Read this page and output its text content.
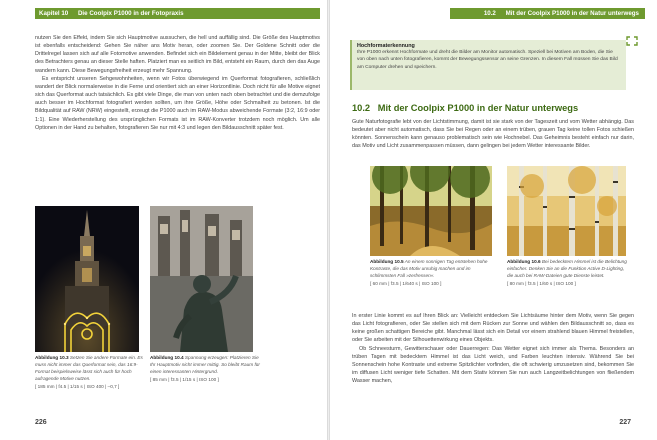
Kapitel 10 Die Coolpix P1000 in der Fotopraxis

nutzen Sie den Effekt, indem Sie sich Hauptmotive aussuchen, die hell und auffällig sind. Die Größe des Hauptmotivs ist ebenfalls entscheidend: Gehen Sie näher ans Motiv heran, oder zoomen Sie. Der Goldene Schnitt oder die Drittelregel lassen sich auf alle Fotomotive anwenden. Befindet sich ein Bildelement genau in der Mitte, bleibt der Blick des Betrachters genau an dieser Stelle haften. Platziert man es seitlich im Bild, entsteht ein Raum, durch den das Auge wandern kann. Diese Bewegungsfreiheit erzeugt mehr Spannung.

Es entspricht unseren Sehgewohnheiten, wenn wir Fotos überwiegend im Querformat fotografieren, schließlich wandert der Blick normalerweise in die Ferne und orientiert sich an einer Horizontlinie. Doch nicht für alle Motive eignet sich das Querformat auch tatsächlich. Es gibt viele Dinge, die man von unten nach oben betrachtet und die demzufolge auch besser im Hochformat fotografiert werden sollten, um ihre Größe, Höhe oder Schmalheit zu betonen. Ist die Bildqualität auf RAW (NRW) eingestellt, erzeugt die P1000 auch im RAW-Modus abweichende Formate (3:2, 16:9 oder 1:1). Eine Wiederherstellung des ursprünglichen Formats ist im RAW-Konverter trotzdem noch möglich. Um alle Optionen in der Hand zu behalten, fotografieren Sie nur mit 4:3 und legen den Bildausschnitt später fest.

Abbildung 10.3 Setzen Sie andere Formate ein. Es muss nicht immer das Querformat sein, das 16:9-Format beispielsweise lässt sich auch für hoch aufragende Motive nutzen.
[ 185 mm | f4.5 | 1/15 s | ISO 400 | –0,7 ]
Abbildung 10.4 Spannung erzeugen: Platzieren Sie Ihr Hauptmotiv nicht immer mittig. So bleibt Raum für einen interessanten Hintergrund.
[ 85 mm | f3.5 | 1/15 s | ISO 100 ]
226
10.2 Mit der Coolpix P1000 in der Natur unterwegs
Hochformaterkennung
Ihre P1000 erkennt Hochformate und dreht die Bilder am Monitor automatisch. Speziell bei Motiven am Boden, die Sie von oben nach unten fotografieren, kommt der Bewegungssensor an seine Grenzen. In diesem Fall müssen Sie das Bild am Computer drehen und speichern.
10.2 Mit der Coolpix P1000 in der Natur unterwegs

Gute Naturfotografie lebt von der Lichtstimmung, damit ist sie stark von der Tageszeit und vom Wetter abhängig. Das bedeutet aber nicht automatisch, dass Sie bei Regen oder an einem trüben, grauen Tag keine tollen Fotos schießen könnten. Sonnenschein kann genauso problematisch sein wie Hochnebel. Das Geheimnis besteht einfach nur darin, das Motiv und Licht zusammenpassen müssen, dann gelingen bei jedem Wetter interessante Bilder.

Abbildung 10.5 An einem sonnigen Tag entstehen hohe Kontraste, die das Motiv unruhig machen und im schlimmsten Fall »zerfressen«.
[ 60 mm | f3.5 | 1/640 s | ISO 100 ]
Abbildung 10.6 Bei bedecktem Himmel ist die Belichtung einfacher. Denken Sie an die Funktion Active D-Lighting, die auch bei RAW-Dateien gute Dienste leistet.
[ 80 mm | f3.5 | 1/60 s | ISO 100 ]

In erster Linie kommt es auf Ihren Blick an: Vielleicht entdecken Sie Lichtsäume hinter dem Motiv, wenn Sie gegen das Licht fotografieren, oder Sie stellen sich mit dem Rücken zur Sonne und wählen den Bildausschnitt so, dass es keine großen schattigen Bereiche gibt. Manchmal lässt sich ein Detail vor einem strahlend blauen Himmel freistellen, oder Sie arbeiten mit der Silhouettenwirkung eines Objekts.

Ob Schneesturm, Gewitterschauer oder Dauerregen: Das Wetter eignet sich immer als Thema. Besonders an trüben Tagen mit bedecktem Himmel ist das Licht weich, und Farben leuchten intensiv. Während Sie bei Sonnenschein hohe Kontraste und extreme Spitzlichter vorfinden, die oft schwierig umzusetzen sind, bekommen Sie im diffusen Licht weniger tiefe Schatten. Mit dem Stativ können Sie nun auch Langzeitbelichtungen von fließendem Wasser machen,

227
